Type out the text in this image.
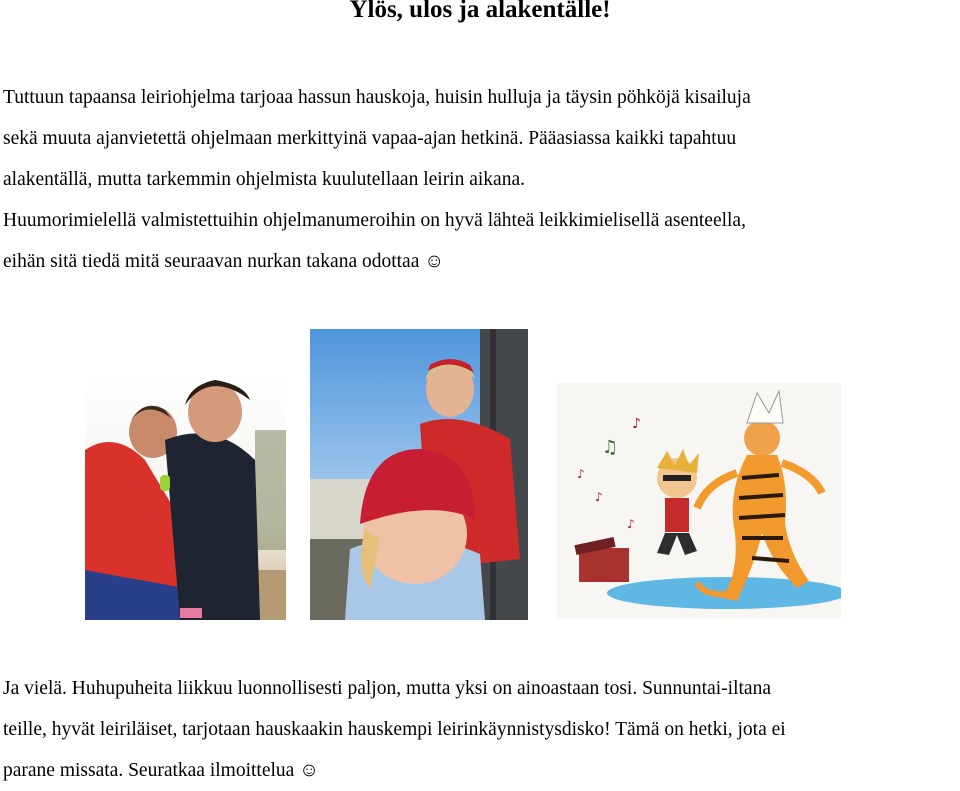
Ylös, ulos ja alakentälle!
Tuttuun tapaansa leiriohjelma tarjoaa hassun hauskoja, huisin hulluja ja täysin pöhköjä kisailuja
sekä muuta ajanvietettä ohjelmaan merkittyinä vapaa-ajan hetkinä. Pääasiassa kaikki tapahtuu
alakentällä, mutta tarkemmin ohjelmista kuulutellaan leirin aikana.
Huumorimielellä valmistettuihin ohjelmanumeroihin on hyvä lähteä leikkimielisellä asenteella,
eihän sitä tiedä mitä seuraavan nurkan takana odottaa ☺
♫
♪
♪
♪
♪
Ja vielä. Huhupuheita liikkuu luonnollisesti paljon, mutta yksi on ainoastaan tosi. Sunnuntai-iltana
teille, hyvät leiriläiset, tarjotaan hauskaakin hauskempi leirinkäynnistysdisko! Tämä on hetki, jota ei
parane missata. Seuratkaa ilmoittelua ☺
